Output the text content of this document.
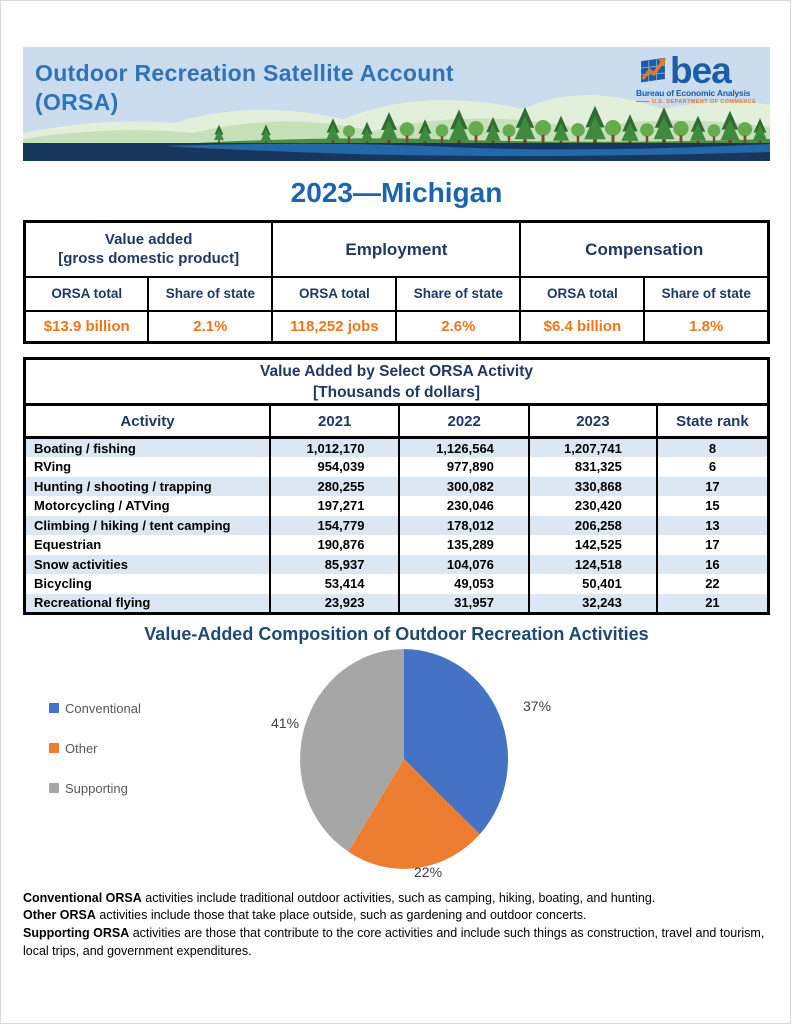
Outdoor Recreation Satellite Account
(ORSA)
bea
Bureau of Economic Analysis
U.S. DEPARTMENT OF COMMERCE
2023—Michigan
Value added
[gross domestic product]		Employment		Compensation	
ORSA total	Share of state	ORSA total	Share of state	ORSA total	Share of state
$13.9 billion	2.1%	118,252 jobs	2.6%	$6.4 billion	1.8%
Value Added by Select ORSA Activity
[Thousands of dollars]				

Activity	2021	2022	2023	State rank
Boating / fishing	1,012,170	1,126,564	1,207,741	8
RVing	954,039	977,890	831,325	6
Hunting / shooting / trapping	280,255	300,082	330,868	17
Motorcycling / ATVing	197,271	230,046	230,420	15
Climbing / hiking / tent camping	154,779	178,012	206,258	13
Equestrian	190,876	135,289	142,525	17
Snow activities	85,937	104,076	124,518	16
Bicycling	53,414	49,053	50,401	22
Recreational flying	23,923	31,957	32,243	21
Value-Added Composition of Outdoor Recreation Activities
Conventional
Other
Supporting
37%
41%
22%

Conventional ORSA activities include traditional outdoor activities, such as camping, hiking, boating, and hunting.

Other ORSA activities include those that take place outside, such as gardening and outdoor concerts.

Supporting ORSA activities are those that contribute to the core activities and include such things as construction, travel and tourism, local trips, and government expenditures.
